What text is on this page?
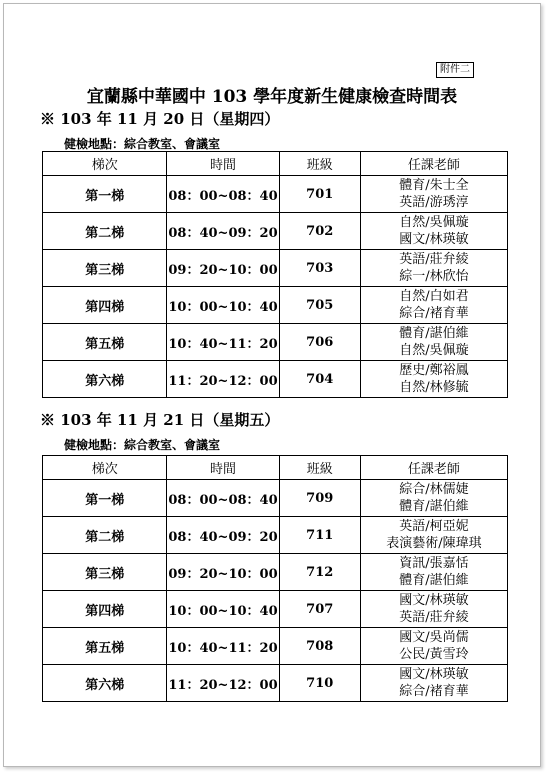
附件二
宜蘭縣中華國中 103 學年度新生健康檢查時間表
※ 103 年 11 月 20 日（星期四）
健檢地點：綜合教室、會議室
梯次	時間	班級	任課老師
第一梯	08：00~08：40	701	體育/朱士全
英語/游琇淳

第二梯	08：40~09：20	702	自然/吳佩璇
國文/林瑛敏

第三梯	09：20~10：00	703	英語/莊弁綾
綜一/林欣怡

第四梯	10：00~10：40	705	自然/白如君
綜合/褚育華

第五梯	10：40~11：20	706	體育/諶伯維
自然/吳佩璇

第六梯	11：20~12：00	704	歷史/鄭裕鳳
自然/林修毓
※ 103 年 11 月 21 日（星期五）
健檢地點：綜合教室、會議室
梯次	時間	班級	任課老師
第一梯	08：00~08：40	709	綜合/林儒婕
體育/諶伯維

第二梯	08：40~09：20	711	英語/柯亞妮
表演藝術/陳瑋琪

第三梯	09：20~10：00	712	資訊/張嘉恬
體育/諶伯維

第四梯	10：00~10：40	707	國文/林瑛敏
英語/莊弁綾

第五梯	10：40~11：20	708	國文/吳尚儒
公民/黃雪玲

第六梯	11：20~12：00	710	國文/林瑛敏
綜合/褚育華
